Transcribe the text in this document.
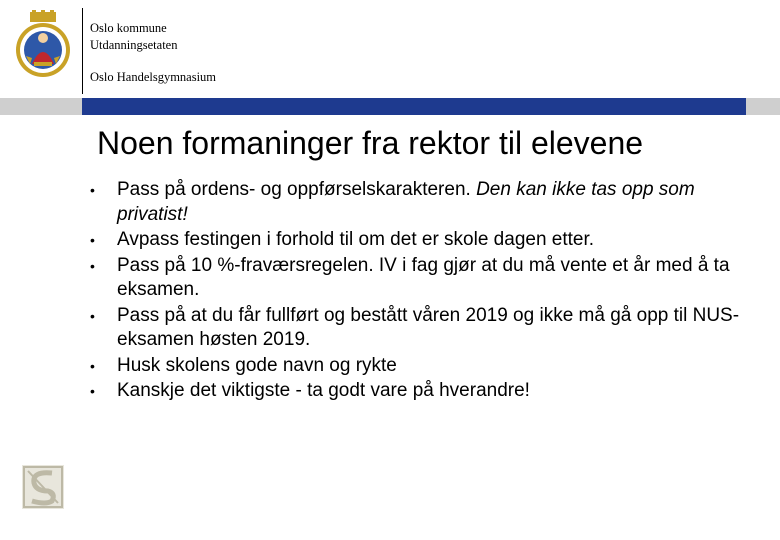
Oslo kommune
Utdanningsetaten
Oslo Handelsgymnasium
Noen formaninger fra rektor til elevene
• Pass på ordens- og oppførselskarakteren. Den kan ikke tas opp som privatist!
• Avpass festingen i forhold til om det er skole dagen etter.
• Pass på 10 %-fraværsregelen. IV i fag gjør at du må vente et år med å ta eksamen.
• Pass på at du får fullført og bestått våren 2019 og ikke må gå opp til NUS-eksamen høsten 2019.
• Husk skolens gode navn og rykte
• Kanskje det viktigste - ta godt vare på hverandre!
